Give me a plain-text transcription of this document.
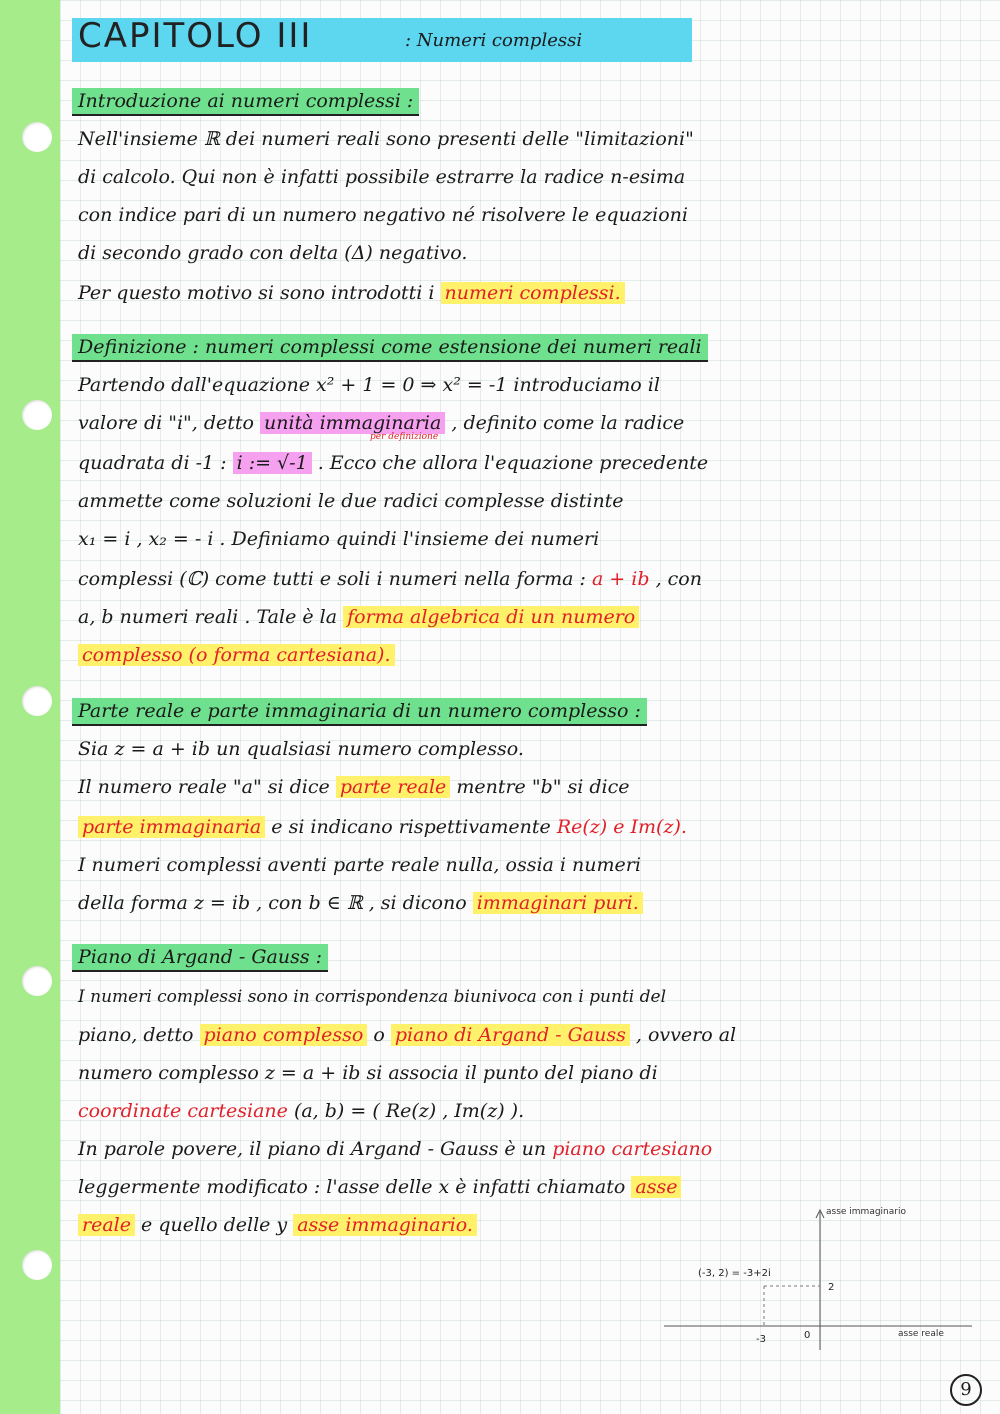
CAPITOLO III	: Numeri complessi
Introduzione ai numeri complessi :
Nell'insieme ℝ dei numeri reali sono presenti delle "limitazioni"
di calcolo. Qui non è infatti possibile estrarre la radice n-esima
con indice pari di un numero negativo né risolvere le equazioni
di secondo grado con delta (Δ) negativo.
Per questo motivo si sono introdotti i numeri complessi.
Definizione : numeri complessi come estensione dei numeri reali
Partendo dall'equazione x² + 1 = 0 ⇒ x² = -1 introduciamo il
valore di "i", detto unità immaginaria , definito come la radice
per definizione
quadrata di -1 : i := √-1 . Ecco che allora l'equazione precedente
ammette come soluzioni le due radici complesse distinte
x₁ = i , x₂ = - i . Definiamo quindi l'insieme dei numeri
complessi (ℂ) come tutti e soli i numeri nella forma : a + ib , con
a, b numeri reali . Tale è la forma algebrica di un numero
complesso (o forma cartesiana).
Parte reale e parte immaginaria di un numero complesso :
Sia z = a + ib un qualsiasi numero complesso.
Il numero reale "a" si dice parte reale mentre "b" si dice
parte immaginaria e si indicano rispettivamente Re(z) e Im(z).
I numeri complessi aventi parte reale nulla, ossia i numeri
della forma z = ib , con b ∈ ℝ , si dicono immaginari puri.
Piano di Argand - Gauss :
I numeri complessi sono in corrispondenza biunivoca con i punti del
piano, detto piano complesso o piano di Argand - Gauss , ovvero al
numero complesso z = a + ib si associa il punto del piano di
coordinate cartesiane (a, b) = ( Re(z) , Im(z) ).
In parole povere, il piano di Argand - Gauss è un piano cartesiano
leggermente modificato : l'asse delle x è infatti chiamato asse
reale e quello delle y asse immaginario.
asse immaginario
asse reale
(-3, 2) = -3+2i
2
-3	0
9
